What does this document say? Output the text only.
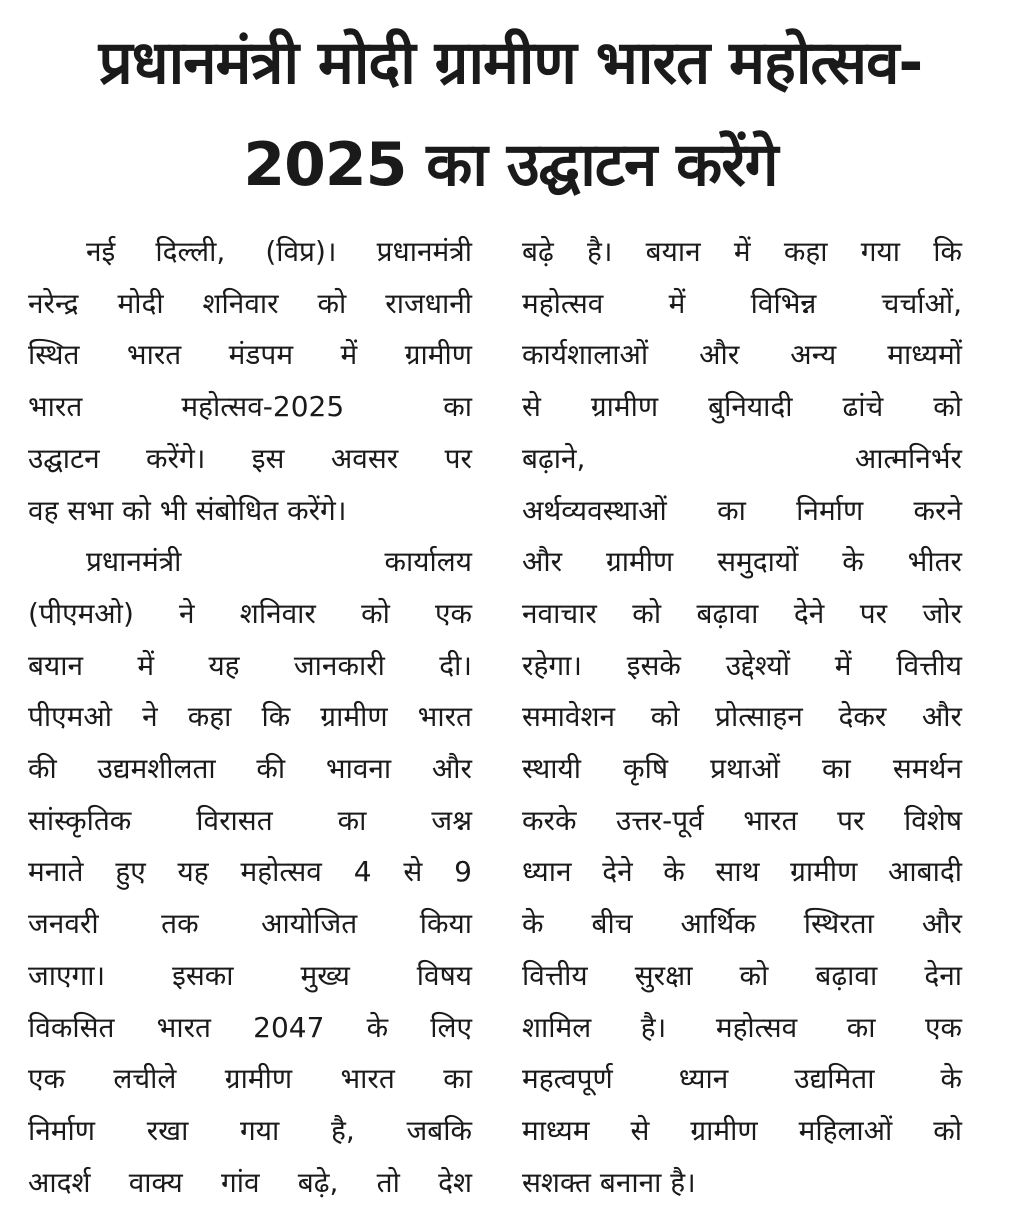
प्रधानमंत्री मोदी ग्रामीण भारत महोत्सव-
2025 का उद्घाटन करेंगे
नई दिल्ली, (विप्र)। प्रधानमंत्री
नरेन्द्र मोदी शनिवार को राजधानी
स्थित भारत मंडपम में ग्रामीण
भारत महोत्सव-2025 का
उद्घाटन करेंगे। इस अवसर पर
वह सभा को भी संबोधित करेंगे।
प्रधानमंत्री कार्यालय
(पीएमओ) ने शनिवार को एक
बयान में यह जानकारी दी।
पीएमओ ने कहा कि ग्रामीण भारत
की उद्यमशीलता की भावना और
सांस्कृतिक विरासत का जश्न
मनाते हुए यह महोत्सव 4 से 9
जनवरी तक आयोजित किया
जाएगा। इसका मुख्य विषय
विकसित भारत 2047 के लिए
एक लचीले ग्रामीण भारत का
निर्माण रखा गया है, जबकि
आदर्श वाक्य गांव बढ़े, तो देश
बढ़े है। बयान में कहा गया कि
महोत्सव में विभिन्न चर्चाओं,
कार्यशालाओं और अन्य माध्यमों
से ग्रामीण बुनियादी ढांचे को
बढ़ाने, आत्मनिर्भर
अर्थव्यवस्थाओं का निर्माण करने
और ग्रामीण समुदायों के भीतर
नवाचार को बढ़ावा देने पर जोर
रहेगा। इसके उद्देश्यों में वित्तीय
समावेशन को प्रोत्साहन देकर और
स्थायी कृषि प्रथाओं का समर्थन
करके उत्तर-पूर्व भारत पर विशेष
ध्यान देने के साथ ग्रामीण आबादी
के बीच आर्थिक स्थिरता और
वित्तीय सुरक्षा को बढ़ावा देना
शामिल है। महोत्सव का एक
महत्वपूर्ण ध्यान उद्यमिता के
माध्यम से ग्रामीण महिलाओं को
सशक्त बनाना है।
